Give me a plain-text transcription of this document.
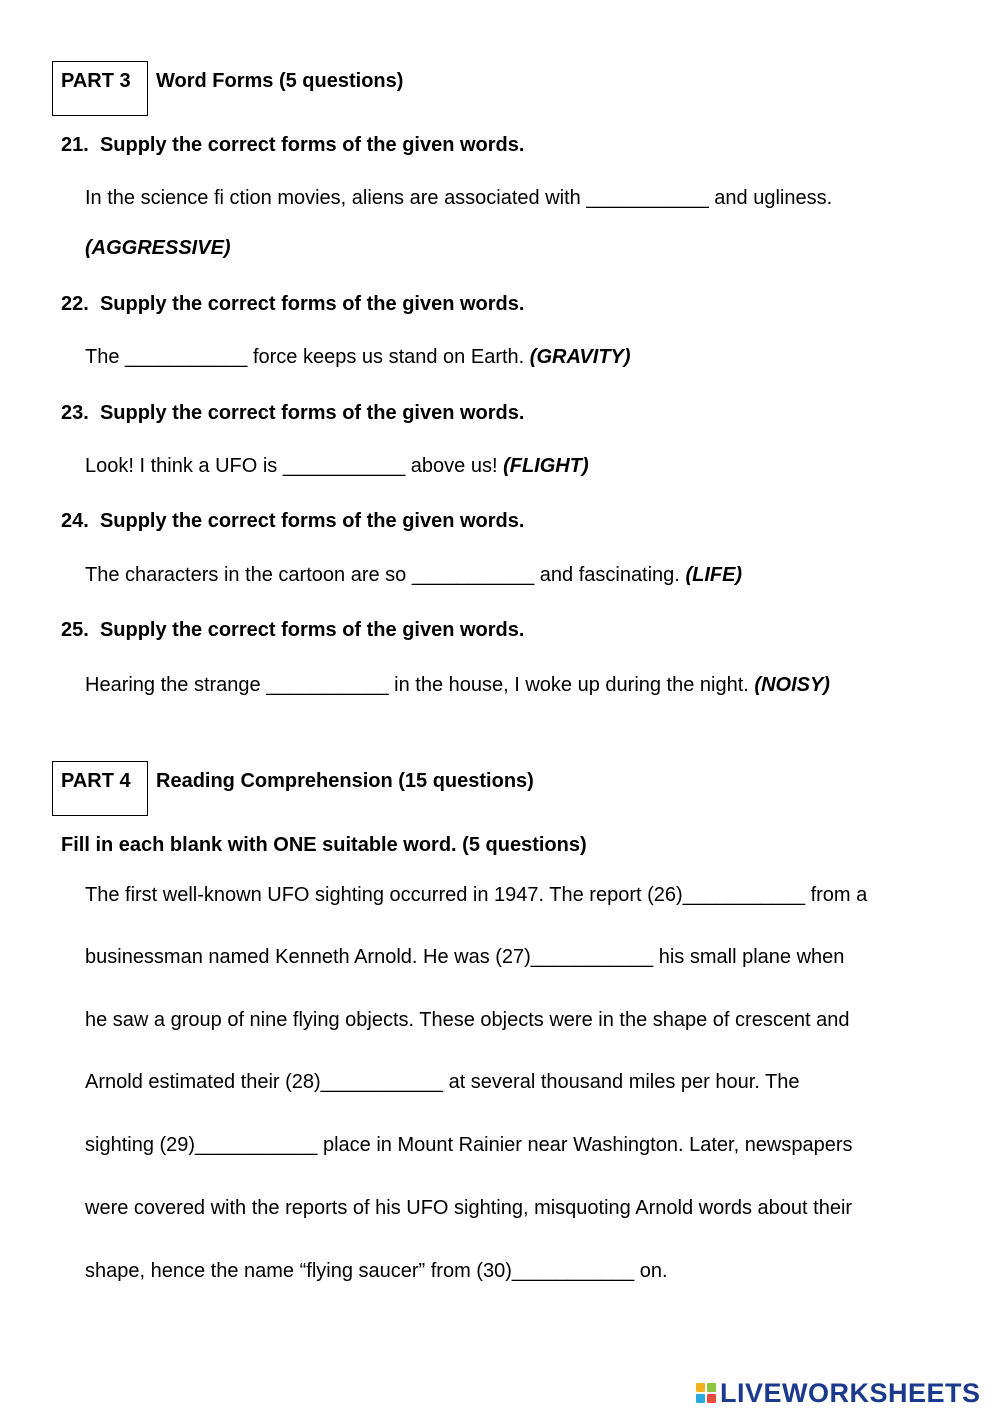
PART 3 Word Forms (5 questions)
21. Supply the correct forms of the given words.
In the science fi ction movies, aliens are associated with ___________ and ugliness.
(AGGRESSIVE)
22. Supply the correct forms of the given words.
The ___________ force keeps us stand on Earth. (GRAVITY)
23. Supply the correct forms of the given words.
Look! I think a UFO is ___________ above us! (FLIGHT)
24. Supply the correct forms of the given words.
The characters in the cartoon are so ___________ and fascinating. (LIFE)
25. Supply the correct forms of the given words.
Hearing the strange ___________ in the house, I woke up during the night. (NOISY)
PART 4 Reading Comprehension (15 questions)
Fill in each blank with ONE suitable word. (5 questions)
The first well-known UFO sighting occurred in 1947. The report (26)___________ from a
businessman named Kenneth Arnold. He was (27)___________ his small plane when
he saw a group of nine flying objects. These objects were in the shape of crescent and
Arnold estimated their (28)___________ at several thousand miles per hour. The
sighting (29)___________ place in Mount Rainier near Washington. Later, newspapers
were covered with the reports of his UFO sighting, misquoting Arnold words about their
shape, hence the name “flying saucer” from (30)___________ on.
LIVEWORKSHEETS
